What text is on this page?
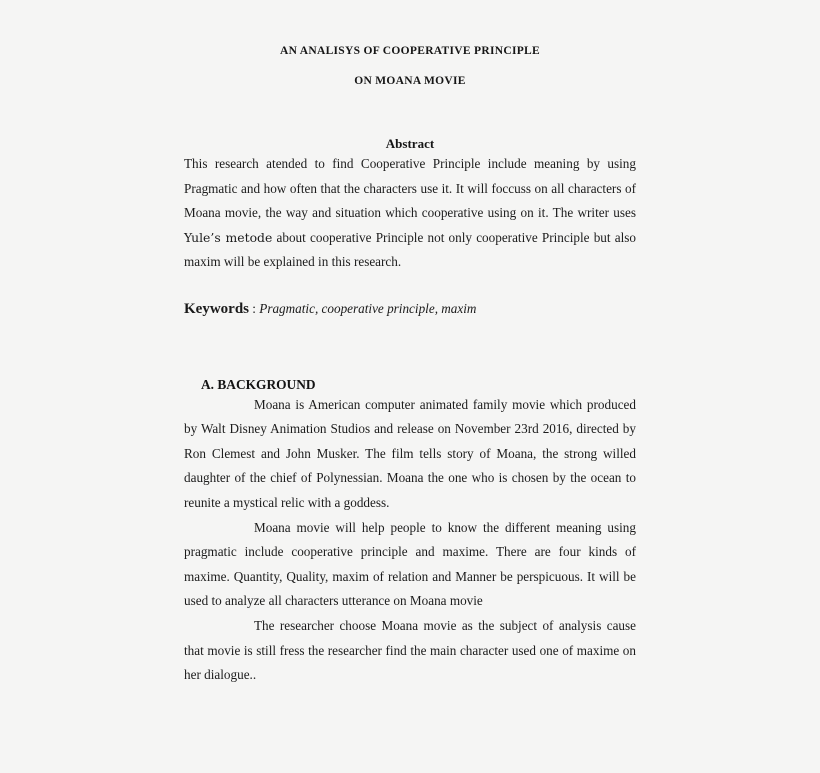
AN ANALISYS OF COOPERATIVE PRINCIPLE
ON MOANA MOVIE
Abstract

This research atended to find Cooperative Principle include meaning by using Pragmatic and how often that the characters use it. It will foccuss on all characters of Moana movie, the way and situation which cooperative using on it. The writer uses Yule’s metode about cooperative Principle not only cooperative Principle but also maxim will be explained in this research.

Keywords : Pragmatic, cooperative principle, maxim
A. BACKGROUND

Moana is American computer animated family movie which produced by Walt Disney Animation Studios and release on November 23rd 2016, directed by Ron Clemest and John Musker. The film tells story of Moana, the strong willed daughter of the chief of Polynessian. Moana the one who is chosen by the ocean to reunite a mystical relic with a goddess.

Moana movie will help people to know the different meaning using pragmatic include cooperative principle and maxime. There are four kinds of maxime. Quantity, Quality, maxim of relation and Manner be perspicuous. It will be used to analyze all characters utterance on Moana movie

The researcher choose Moana movie as the subject of analysis cause that movie is still fress the researcher find the main character used one of maxime on her dialogue..
